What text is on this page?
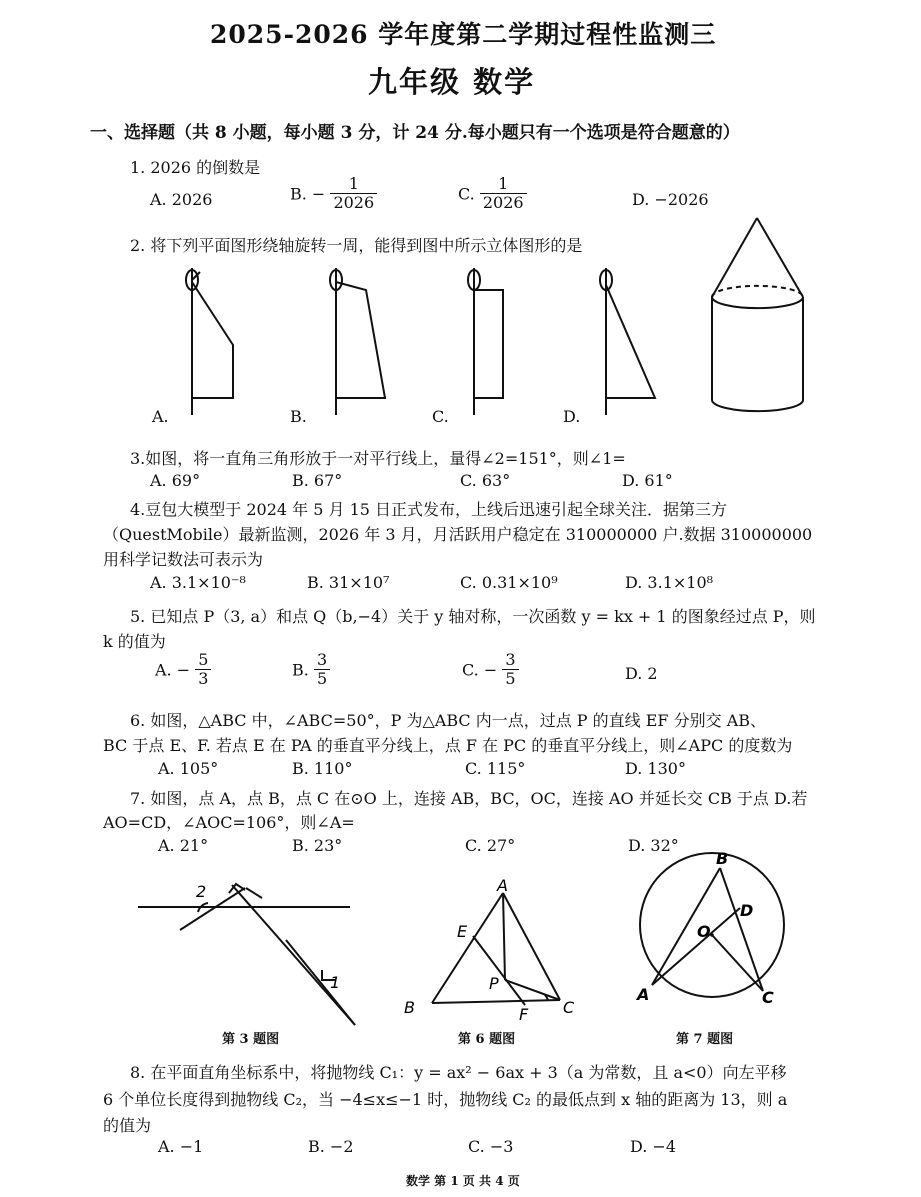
2025-2026 学年度第二学期过程性监测三
九年级 数学
一、选择题（共 8 小题，每小题 3 分，计 24 分.每小题只有一个选项是符合题意的）
1. 2026 的倒数是
A. 2026	B. − $\frac{1}{2026}$	C. $\frac{1}{2026}$	D. −2026
2. 将下列平面图形绕轴旋转一周，能得到图中所示立体图形的是
A.	B.	C.	D.
3.如图，将一直角三角形放于一对平行线上，量得∠2=151°，则∠1=
A. 69°	B. 67°	C. 63°	D. 61°
4.豆包大模型于 2024 年 5 月 15 日正式发布，上线后迅速引起全球关注．据第三方
（QuestMobile）最新监测，2026 年 3 月，月活跃用户稳定在 310000000 户.数据 310000000
用科学记数法可表示为
A. 3.1×10⁻⁸	B. 31×10⁷	C. 0.31×10⁹	D. 3.1×10⁸
5. 已知点 P（3, a）和点 Q（b,−4）关于 y 轴对称，一次函数 y = kx + 1 的图象经过点 P，则
k 的值为
A. − $\frac{5}{3}$	B. $\frac{3}{5}$	C. − $\frac{3}{5}$	D. 2
6. 如图，△ABC 中，∠ABC=50°，P 为△ABC 内一点，过点 P 的直线 EF 分别交 AB、
BC 于点 E、F. 若点 E 在 PA 的垂直平分线上，点 F 在 PC 的垂直平分线上，则∠APC 的度数为
A. 105°	B. 110°	C. 115°	D. 130°
7. 如图，点 A，点 B，点 C 在⊙O 上，连接 AB，BC，OC，连接 AO 并延长交 CB 于点 D.若
AO=CD，∠AOC=106°，则∠A=
A. 21°	B. 23°	C. 27°	D. 32°
2
1
A
B	C
E
P
F
A
B
C
D
O
第 3 题图	第 6 题图	第 7 题图
8. 在平面直角坐标系中，将抛物线 C₁：y = ax² − 6ax + 3（a 为常数，且 a<0）向左平移
6 个单位长度得到抛物线 C₂，当 −4≤x≤−1 时，抛物线 C₂ 的最低点到 x 轴的距离为 13，则 a
的值为
A. −1	B. −2	C. −3	D. −4
数学 第 1 页 共 4 页
